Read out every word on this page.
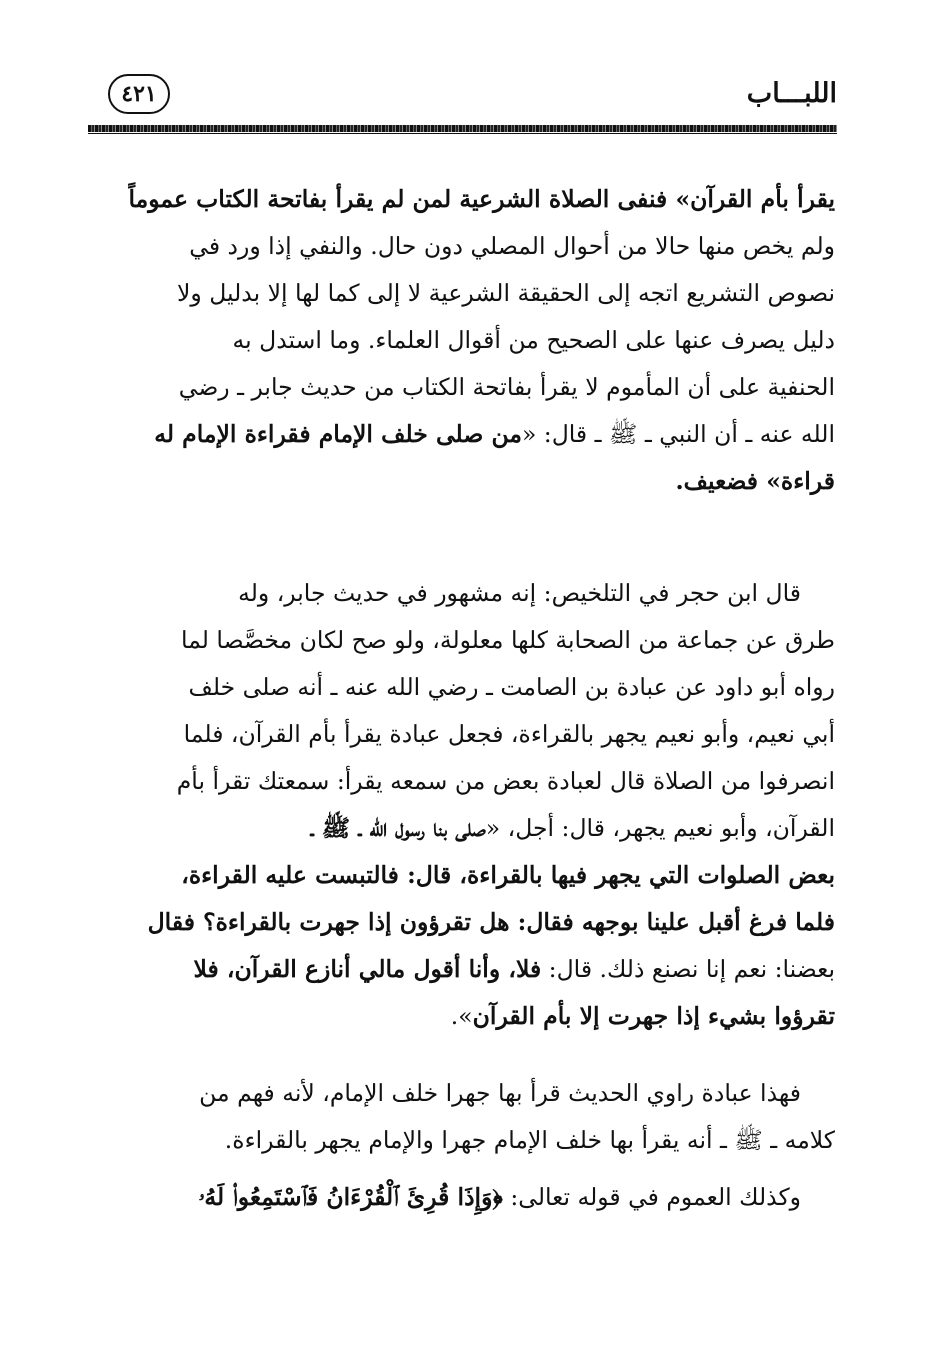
اللبـــاب
٤٢١

يقرأ بأم القرآن» فنفى الصلاة الشرعية لمن لم يقرأ بفاتحة الكتاب عموماً
ولم يخص منها حالا من أحوال المصلي دون حال. والنفي إذا ورد في
نصوص التشريع اتجه إلى الحقيقة الشرعية لا إلى كما لها إلا بدليل ولا
دليل يصرف عنها على الصحيح من أقوال العلماء. وما استدل به
الحنفية على أن المأموم لا يقرأ بفاتحة الكتاب من حديث جابر ـ رضي
الله عنه ـ أن النبي ـ ﷺ ـ قال: «من صلى خلف الإمام فقراءة الإمام له
قراءة» فضعيف.

قال ابن حجر في التلخيص: إنه مشهور في حديث جابر، وله
طرق عن جماعة من الصحابة كلها معلولة، ولو صح لكان مخصَّصا لما
رواه أبو داود عن عبادة بن الصامت ـ رضي الله عنه ـ أنه صلى خلف
أبي نعيم، وأبو نعيم يجهر بالقراءة، فجعل عبادة يقرأ بأم القرآن، فلما
انصرفوا من الصلاة قال لعبادة بعض من سمعه يقرأ: سمعتك تقرأ بأم
القرآن، وأبو نعيم يجهر، قال: أجل، «صلى بنا رسول الله ـ ﷺ ـ
بعض الصلوات التي يجهر فيها بالقراءة، قال: فالتبست عليه القراءة،
فلما فرغ أقبل علينا بوجهه فقال: هل تقرؤون إذا جهرت بالقراءة؟ فقال
بعضنا: نعم إنا نصنع ذلك. قال: فلا، وأنا أقول مالي أنازع القرآن، فلا
تقرؤوا بشيء إذا جهرت إلا بأم القرآن».

فهذا عبادة راوي الحديث قرأ بها جهرا خلف الإمام، لأنه فهم من
كلامه ـ ﷺ ـ أنه يقرأ بها خلف الإمام جهرا والإمام يجهر بالقراءة.

وكذلك العموم في قوله تعالى: ﴿وَإِذَا قُرِئَ ٱلْقُرْءَانُ فَٱسْتَمِعُوا۟ لَهُۥ
